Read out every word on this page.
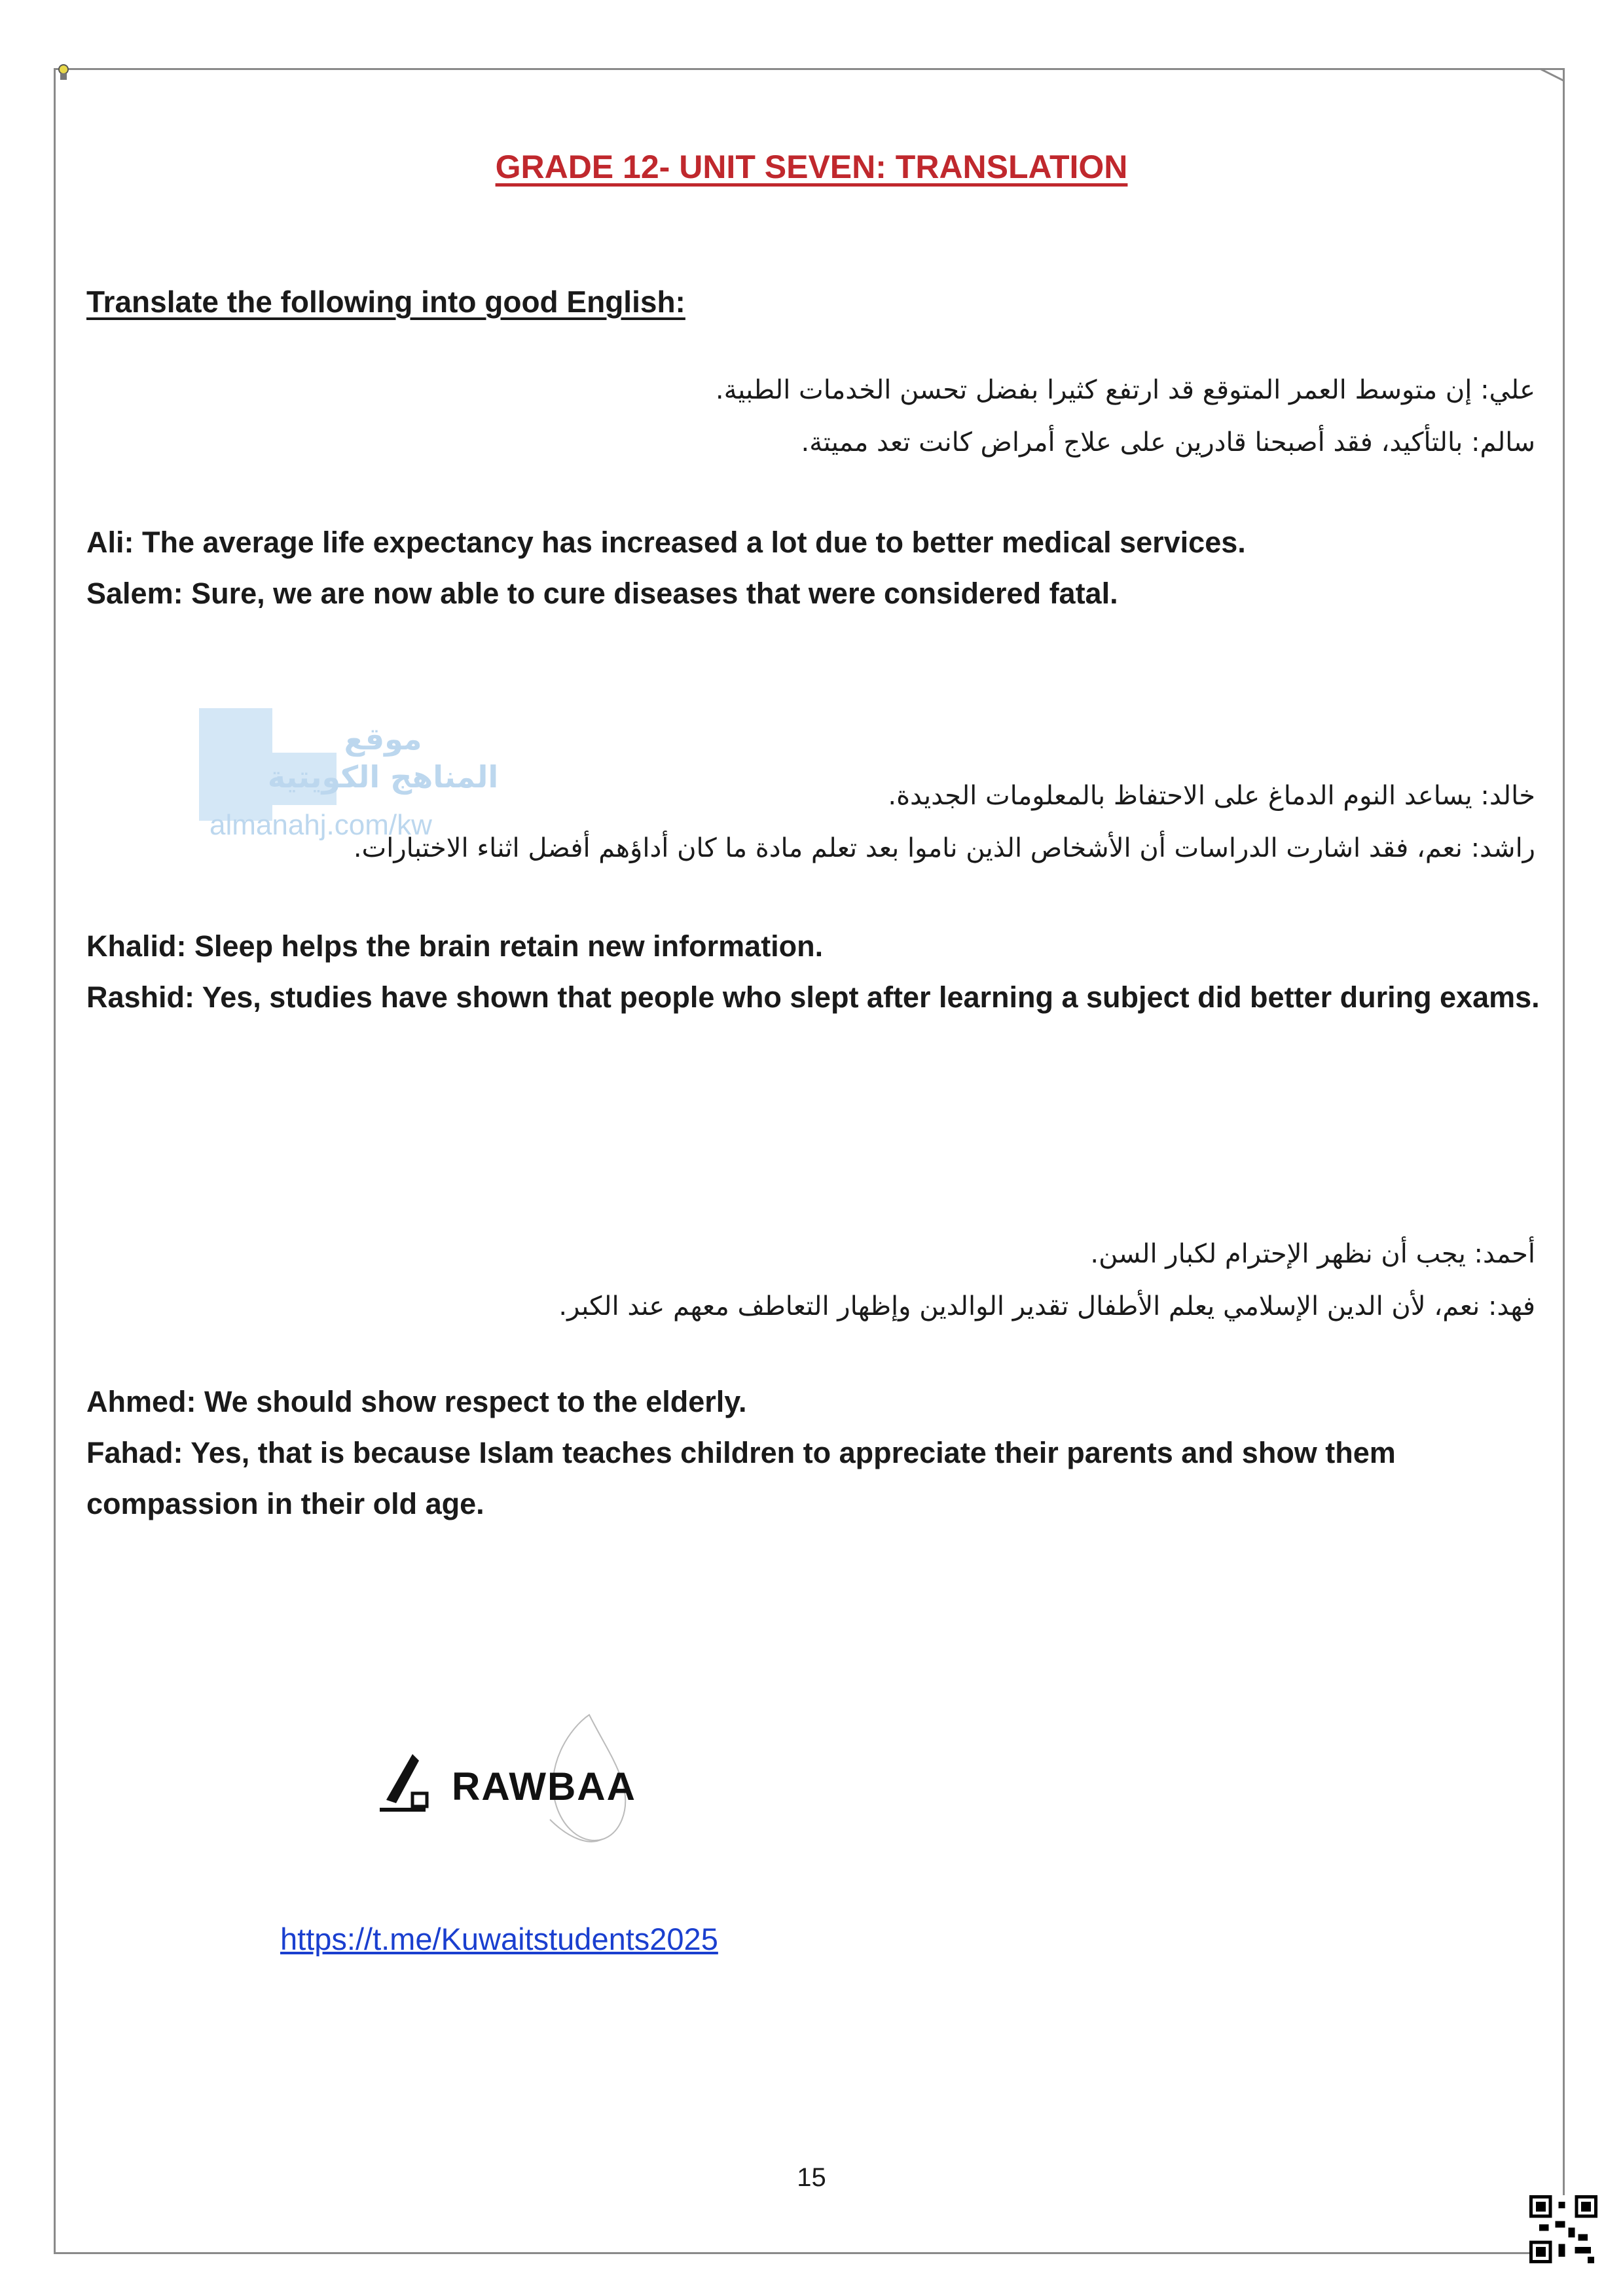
GRADE 12- UNIT SEVEN: TRANSLATION
Translate the following into good English:
موقع
المناهج الكويتية
almanahj.com/kw
علي: إن متوسط العمر المتوقع قد ارتفع كثيرا بفضل تحسن الخدمات الطبية.
سالم: بالتأكيد، فقد أصبحنا قادرين على علاج أمراض كانت تعد مميتة.
Ali: The average life expectancy has increased a lot due to better medical services.
Salem: Sure, we are now able to cure diseases that were considered fatal.
خالد: يساعد النوم الدماغ على الاحتفاظ بالمعلومات الجديدة.
راشد: نعم، فقد اشارت الدراسات أن الأشخاص الذين ناموا بعد تعلم مادة ما كان أداؤهم أفضل اثناء الاختبارات.
Khalid: Sleep helps the brain retain new information.
Rashid: Yes, studies have shown that people who slept after learning a subject did better during exams.
أحمد: يجب أن نظهر الإحترام لكبار السن.
فهد: نعم، لأن الدين الإسلامي يعلم الأطفال تقدير الوالدين وإظهار التعاطف معهم عند الكبر.
Ahmed: We should show respect to the elderly.
Fahad: Yes, that is because Islam teaches children to appreciate their parents and show them compassion in their old age.
RAWBAA
https://t.me/Kuwaitstudents2025
15
